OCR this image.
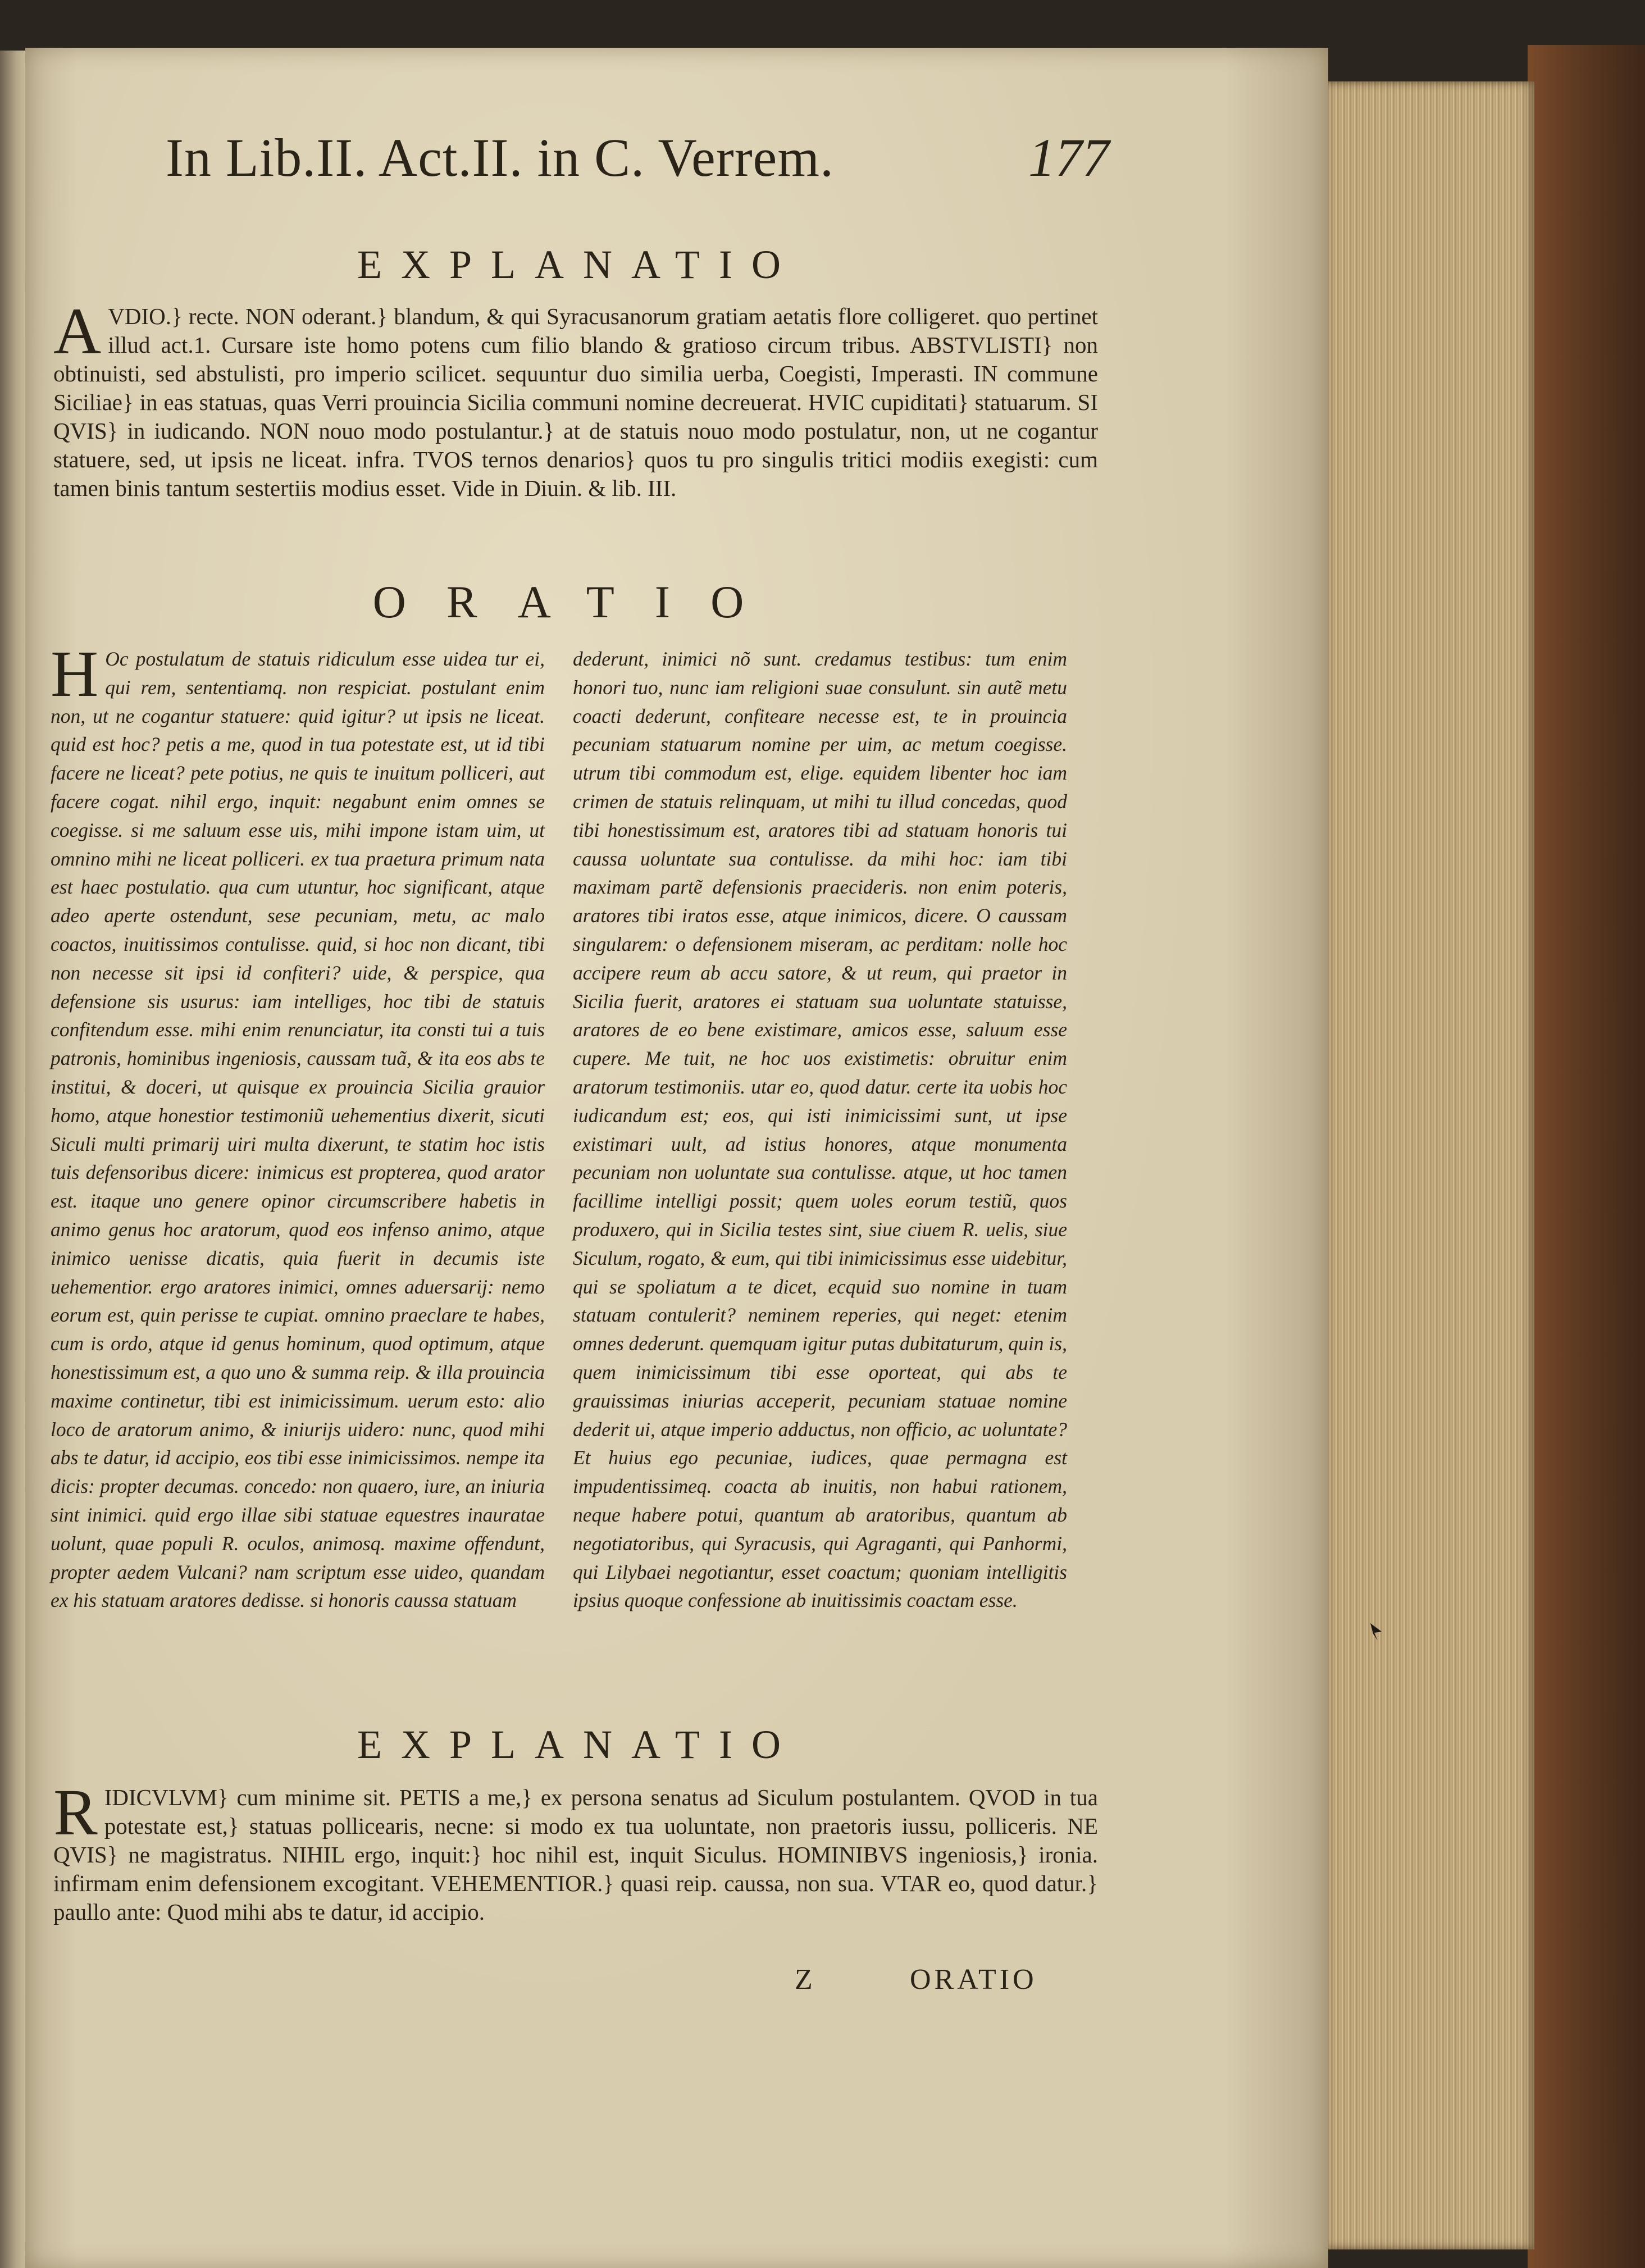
In Lib.II. Act.II. in C. Verrem.	177
EXPLANATIO
A VDIO.} recte. NON oderant.} blandum, & qui Syracusanorum gratiam aetatis flore colligeret. quo pertinet illud act.1. Cursare iste homo potens cum filio blando & gratioso circum tribus. ABSTVLISTI} non obtinuisti, sed abstulisti, pro imperio scilicet. sequuntur duo similia uerba, Coegisti, Imperasti. IN commune Siciliae} in eas statuas, quas Verri prouincia Sicilia communi nomine decreuerat. HVIC cupiditati} statuarum. SI QVIS} in iudicando. NON nouo modo postulantur.} at de statuis nouo modo postulatur, non, ut ne cogantur statuere, sed, ut ipsis ne liceat. infra. TVOS ternos denarios} quos tu pro singulis tritici modiis exegisti: cum tamen binis tantum sestertiis modius esset. Vide in Diuin. & lib. III.
ORATIO
H Oc postulatum de statuis ridiculum esse uidea tur ei, qui rem, sententiamq. non respiciat. postulant enim non, ut ne cogantur statuere: quid igitur? ut ipsis ne liceat. quid est hoc? petis a me, quod in tua potestate est, ut id tibi facere ne liceat? pete potius, ne quis te inuitum polliceri, aut facere cogat. nihil ergo, inquit: negabunt enim omnes se coegisse. si me saluum esse uis, mihi impone istam uim, ut omnino mihi ne liceat polliceri. ex tua praetura primum nata est haec postulatio. qua cum utuntur, hoc significant, atque adeo aperte ostendunt, sese pecuniam, metu, ac malo coactos, inuitissimos contulisse. quid, si hoc non dicant, tibi non necesse sit ipsi id confiteri? uide, & perspice, qua defensione sis usurus: iam intelliges, hoc tibi de statuis confitendum esse. mihi enim renunciatur, ita consti tui a tuis patronis, hominibus ingeniosis, caussam tuã, & ita eos abs te institui, & doceri, ut quisque ex prouincia Sicilia grauior homo, atque honestior testimoniũ uehementius dixerit, sicuti Siculi multi primarij uiri multa dixerunt, te statim hoc istis tuis defensoribus dicere: inimicus est propterea, quod arator est. itaque uno genere opinor circumscribere habetis in animo genus hoc aratorum, quod eos infenso animo, atque inimico uenisse dicatis, quia fuerit in decumis iste uehementior. ergo aratores inimici, omnes aduersarij: nemo eorum est, quin perisse te cupiat. omnino praeclare te habes, cum is ordo, atque id genus hominum, quod optimum, atque honestissimum est, a quo uno & summa reip. & illa prouincia maxime continetur, tibi est inimicissimum. uerum esto: alio loco de aratorum animo, & iniurijs uidero: nunc, quod mihi abs te datur, id accipio, eos tibi esse inimicissimos. nempe ita dicis: propter decumas. concedo: non quaero, iure, an iniuria sint inimici. quid ergo illae sibi statuae equestres inauratae uolunt, quae populi R. oculos, animosq. maxime offendunt, propter aedem Vulcani? nam scriptum esse uideo, quandam ex his statuam aratores dedisse. si honoris caussa statuam
dederunt, inimici nõ sunt. credamus testibus: tum enim honori tuo, nunc iam religioni suae consulunt. sin autẽ metu coacti dederunt, confiteare necesse est, te in prouincia pecuniam statuarum nomine per uim, ac metum coegisse. utrum tibi commodum est, elige. equidem libenter hoc iam crimen de statuis relinquam, ut mihi tu illud concedas, quod tibi honestissimum est, aratores tibi ad statuam honoris tui caussa uoluntate sua contulisse. da mihi hoc: iam tibi maximam partẽ defensionis praecideris. non enim poteris, aratores tibi iratos esse, atque inimicos, dicere. O caussam singularem: o defensionem miseram, ac perditam: nolle hoc accipere reum ab accu satore, & ut reum, qui praetor in Sicilia fuerit, aratores ei statuam sua uoluntate statuisse, aratores de eo bene existimare, amicos esse, saluum esse cupere. Me tuit, ne hoc uos existimetis: obruitur enim aratorum testimoniis. utar eo, quod datur. certe ita uobis hoc iudicandum est; eos, qui isti inimicissimi sunt, ut ipse existimari uult, ad istius honores, atque monumenta pecuniam non uoluntate sua contulisse. atque, ut hoc tamen facillime intelligi possit; quem uoles eorum testiũ, quos produxero, qui in Sicilia testes sint, siue ciuem R. uelis, siue Siculum, rogato, & eum, qui tibi inimicissimus esse uidebitur, qui se spoliatum a te dicet, ecquid suo nomine in tuam statuam contulerit? neminem reperies, qui neget: etenim omnes dederunt. quemquam igitur putas dubitaturum, quin is, quem inimicissimum tibi esse oporteat, qui abs te grauissimas iniurias acceperit, pecuniam statuae nomine dederit ui, atque imperio adductus, non officio, ac uoluntate? Et huius ego pecuniae, iudices, quae permagna est impudentissimeq. coacta ab inuitis, non habui rationem, neque habere potui, quantum ab aratoribus, quantum ab negotiatoribus, qui Syracusis, qui Agraganti, qui Panhormi, qui Lilybaei negotiantur, esset coactum; quoniam intelligitis ipsius quoque confessione ab inuitissimis coactam esse.
EXPLANATIO
R IDICVLVM} cum minime sit. PETIS a me,} ex persona senatus ad Siculum postulantem. QVOD in tua potestate est,} statuas pollicearis, necne: si modo ex tua uoluntate, non praetoris iussu, polliceris. NE QVIS} ne magistratus. NIHIL ergo, inquit:} hoc nihil est, inquit Siculus. HOMINIBVS ingeniosis,} ironia. infirmam enim defensionem excogitant. VEHEMENTIOR.} quasi reip. caussa, non sua. VTAR eo, quod datur.} paullo ante: Quod mihi abs te datur, id accipio.
Z	ORATIO
